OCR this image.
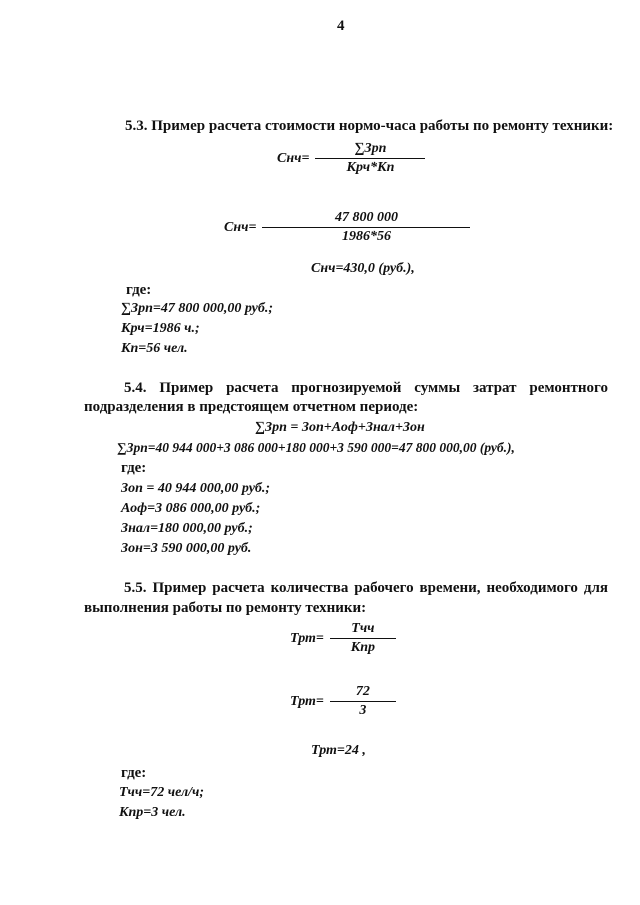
4
5.3. Пример расчета стоимости нормо-часа работы по ремонту техники:
$Снч= \frac{\text{∑Зрп}}{\text{Крч*Кп}}$
$Снч= \frac{47 800 000}{1986*56}$
Снч=430,0 (руб.),
где:
∑Зрп=47 800 000,00 руб.;
Крч=1986 ч.;
Кп=56 чел.
5.4. Пример расчета прогнозируемой суммы затрат ремонтного
подразделения в предстоящем отчетном периоде:
∑Зрп = Зоп+Аоф+Знал+Зон
∑Зрп=40 944 000+3 086 000+180 000+3 590 000=47 800 000,00 (руб.),
где:
Зоп = 40 944 000,00 руб.;
Аоф=3 086 000,00 руб.;
Знал=180 000,00 руб.;
Зон=3 590 000,00 руб.
5.5. Пример расчета количества рабочего времени, необходимого для
выполнения работы по ремонту техники:
$Трт= \frac{\text{Тчч}}{\text{Кпр}}$
$Трт= \frac{72}{3}$
Трт=24 ,
где:
Тчч=72 чел/ч;
Кпр=3 чел.
